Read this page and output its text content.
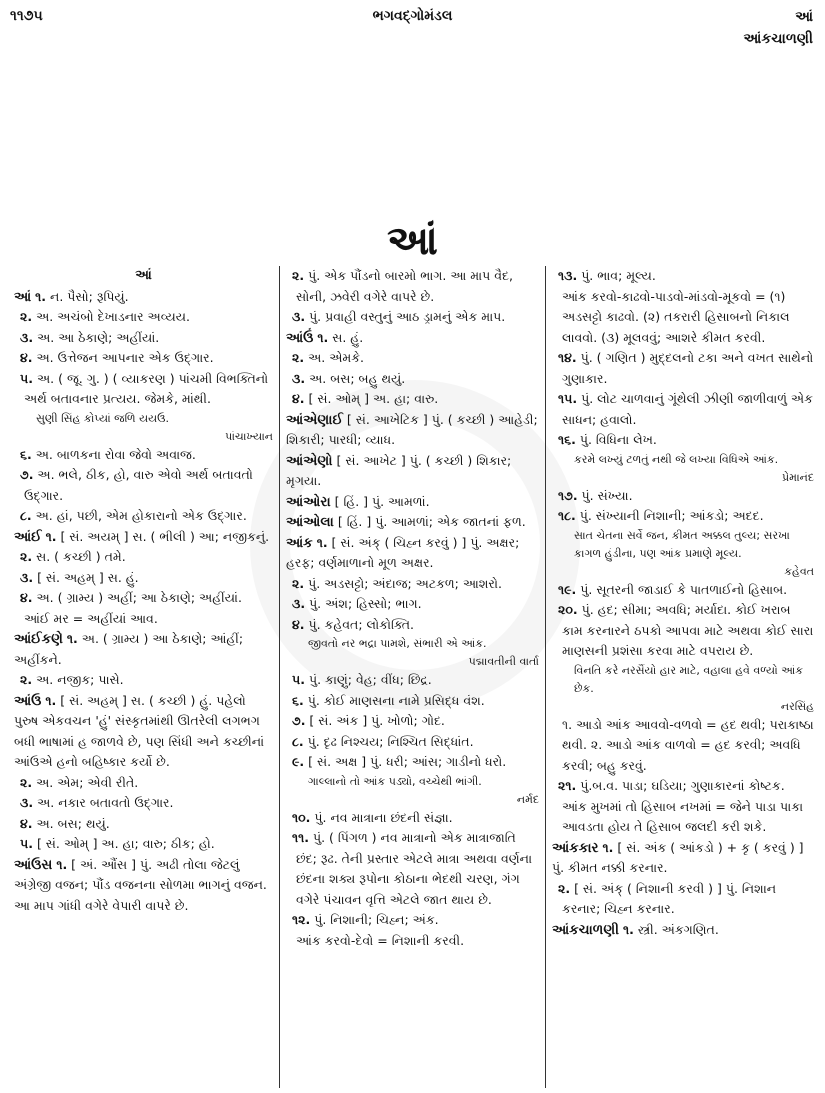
૧૧૭૫	ભગવદ્ગોમંડલ	આં
આંકચાળણી
આં
આં
આં ૧. ન. પૈસો; રૂપિયું.
૨. અ. અચંબો દેખાડનાર અવ્યય.
૩. અ. આ ઠેકાણે; અહીંયાં.
૪. અ. ઉત્તેજન આપનાર એક ઉદ્ગાર.
૫. અ. ( જૂ. ગુ. ) ( વ્યાકરણ ) પાંચમી વિભક્તિનો અર્થ બતાવનાર પ્રત્યય. જેમકે, માંથી.
સુણી સિંહ કોપ્યાં જળિ યયઉ.
પાંચાખ્યાન
૬. અ. બાળકના રોવા જેવો અવાજ.
૭. અ. ભલે, ઠીક, હો, વારુ એવો અર્થ બતાવતો ઉદ્ગાર.
૮. અ. હાં, પછી, એમ હોકારાનો એક ઉદ્ગાર.
આંઈ ૧. [ સં. અયમ્ ] સ. ( ભીલી ) આ; નજીકનું.
૨. સ. ( કચ્છી ) તમે.
૩. [ સં. અહમ્ ] સ. હું.
૪. અ. ( ગ્રામ્ય ) અહીં; આ ઠેકાણે; અહીંયાં.
આંઈ મર = અહીંયાં આવ.
આંઈકણે ૧. અ. ( ગ્રામ્ય ) આ ઠેકાણે; આંહીં; અહીંકને.
૨. અ. નજીક; પાસે.
આંઉ ૧. [ સં. અહમ્ ] સ. ( કચ્છી ) હું. પહેલો પુરુષ એકવચન 'હું' સંસ્કૃતમાંથી ઊતરેલી લગભગ બધી ભાષામાં હ જાળવે છે, પણ સિંધી અને કચ્છીનાં આંઉએ હનો બહિષ્કાર કર્યો છે.
૨. અ. એમ; એવી રીતે.
૩. અ. નકાર બતાવતો ઉદ્ગાર.
૪. અ. બસ; થયું.
૫. [ સં. ઓમ્ ] અ. હા; વારુ; ઠીક; હો.
આંઉસ ૧. [ અં. ઔંસ ] પું. અઢી તોલા જેટલું અંગ્રેજી વજન; પૌંડ વજનના સોળમા ભાગનું વજન. આ માપ ગાંધી વગેરે વેપારી વાપરે છે.
૨. પું. એક પૌંડનો બારમો ભાગ. આ માપ વૈદ, સોની, ઝવેરી વગેરે વાપરે છે.
૩. પું. પ્રવાહી વસ્તુનું આઠ ડ્રામનું એક માપ.
આંઉં ૧. સ. હું.
૨. અ. એમકે.
૩. અ. બસ; બહુ થયું.
૪. [ સં. ઓમ્ ] અ. હા; વારુ.
આંએણાઈ [ સં. આખેટિક ] પું. ( કચ્છી ) આહેડી; શિકારી; પારધી; વ્યાધ.
આંએણો [ સં. આખેટ ] પું. ( કચ્છી ) શિકાર; મૃગયા.
આંઓરા [ હિં. ] પું. આમળાં.
આંઓલા [ હિં. ] પું. આમળાં; એક જાતનાં ફળ.
આંક ૧. [ સં. અંક્ ( ચિહ્ન કરવું ) ] પું. અક્ષર; હરફ; વર્ણમાળાનો મૂળ અક્ષર.
૨. પું. અડસટ્ટો; અંદાજ; અટકળ; આશરો.
૩. પું. અંશ; હિસ્સો; ભાગ.
૪. પું. કહેવત; લોકોક્તિ.
જીવતો નર ભદ્રા પામશે, સંભારી એ આંક.
પદ્માવતીની વાર્તા
૫. પું. કાણું; વેહ; વીંધ; છિદ્ર.
૬. પું. કોઈ માણસના નામે પ્રસિદ્ધ વંશ.
૭. [ સં. અંક ] પું. ખોળો; ગોદ.
૮. પું. દૃઢ નિશ્ચય; નિશ્ચિત સિદ્ધાંત.
૯. [ સં. અક્ષ ] પું. ધરી; આંસ; ગાડીનો ધરો.
ગાલ્લાનો તો આંક પડ્યો, વચ્ચેથી ભાંગી.
નર્મદ
૧૦. પું. નવ માત્રાના છંદની સંજ્ઞા.
૧૧. પું. ( પિંગળ ) નવ માત્રાનો એક માત્રાજાતિ છંદ; રૂઢ. તેની પ્રસ્તાર એટલે માત્રા અથવા વર્ણના છંદના શક્ય રૂપોના કોઠાના ભેદથી ચરણ, ગંગ વગેરે પંચાવન વૃત્તિ એટલે જાત થાય છે.
૧૨. પું. નિશાની; ચિહ્ન; અંક.
આંક કરવો-દેવો = નિશાની કરવી.
૧૩. પું. ભાવ; મૂલ્ય.
આંક કરવો-કાઢવો-પાડવો-માંડવો-મૂકવો = (૧) અડસટ્ટો કાઢવો. (૨) તકરારી હિસાબનો નિકાલ લાવવો. (૩) મૂલવવું; આશરે કીમત કરવી.
૧૪. પું. ( ગણિત ) મુદ્દલનો ટકા અને વખત સાથેનો ગુણાકાર.
૧૫. પું. લોટ ચાળવાનું ગૂંથેલી ઝીણી જાળીવાળું એક સાધન; હવાલો.
૧૬. પું. વિધિના લેખ.
કરમે લખ્યું ટળતું નથી જે લખ્યા વિધિએ આંક.
પ્રેમાનંદ
૧૭. પું. સંખ્યા.
૧૮. પું. સંખ્યાની નિશાની; આંકડો; અદદ.
સાત ચેતના સર્વે જન, કીમત અક્કલ તુલ્ય; સરખા કાગળ હુંડીના, પણ આંક પ્રમાણે મૂલ્ય.
કહેવત
૧૯. પું. સૂતરની જાડાઈ કે પાતળાઈનો હિસાબ.
૨૦. પું. હદ; સીમા; અવધિ; મર્યાદા. કોઈ ખરાબ કામ કરનારને ઠપકો આપવા માટે અથવા કોઈ સારા માણસની પ્રશંસા કરવા માટે વપરાય છે.
વિનતિ કરે નરસૈંયો હાર માટે, વહાલા હવે વળ્યો આંક છેક.
નરસિંહ
૧. આડો આંક આવવો-વળવો = હદ થવી; પરાકાષ્ઠા થવી. ૨. આડો આંક વાળવો = હદ કરવી; અવધિ કરવી; બહુ કરવું.
૨૧. પું.બ.વ. પાડા; ઘડિયા; ગુણાકારનાં કોષ્ટક.
આંક મુખમાં તો હિસાબ નખમાં = જેને પાડા પાકા આવડતા હોય તે હિસાબ જલદી કરી શકે.
આંકકાર ૧. [ સં. અંક ( આંકડો ) + કૃ ( કરવું ) ] પું. કીમત નક્કી કરનાર.
૨. [ સં. અંક્ ( નિશાની કરવી ) ] પું. નિશાન કરનાર; ચિહ્ન કરનાર.
આંકચાળણી ૧. સ્ત્રી. અંકગણિત.
